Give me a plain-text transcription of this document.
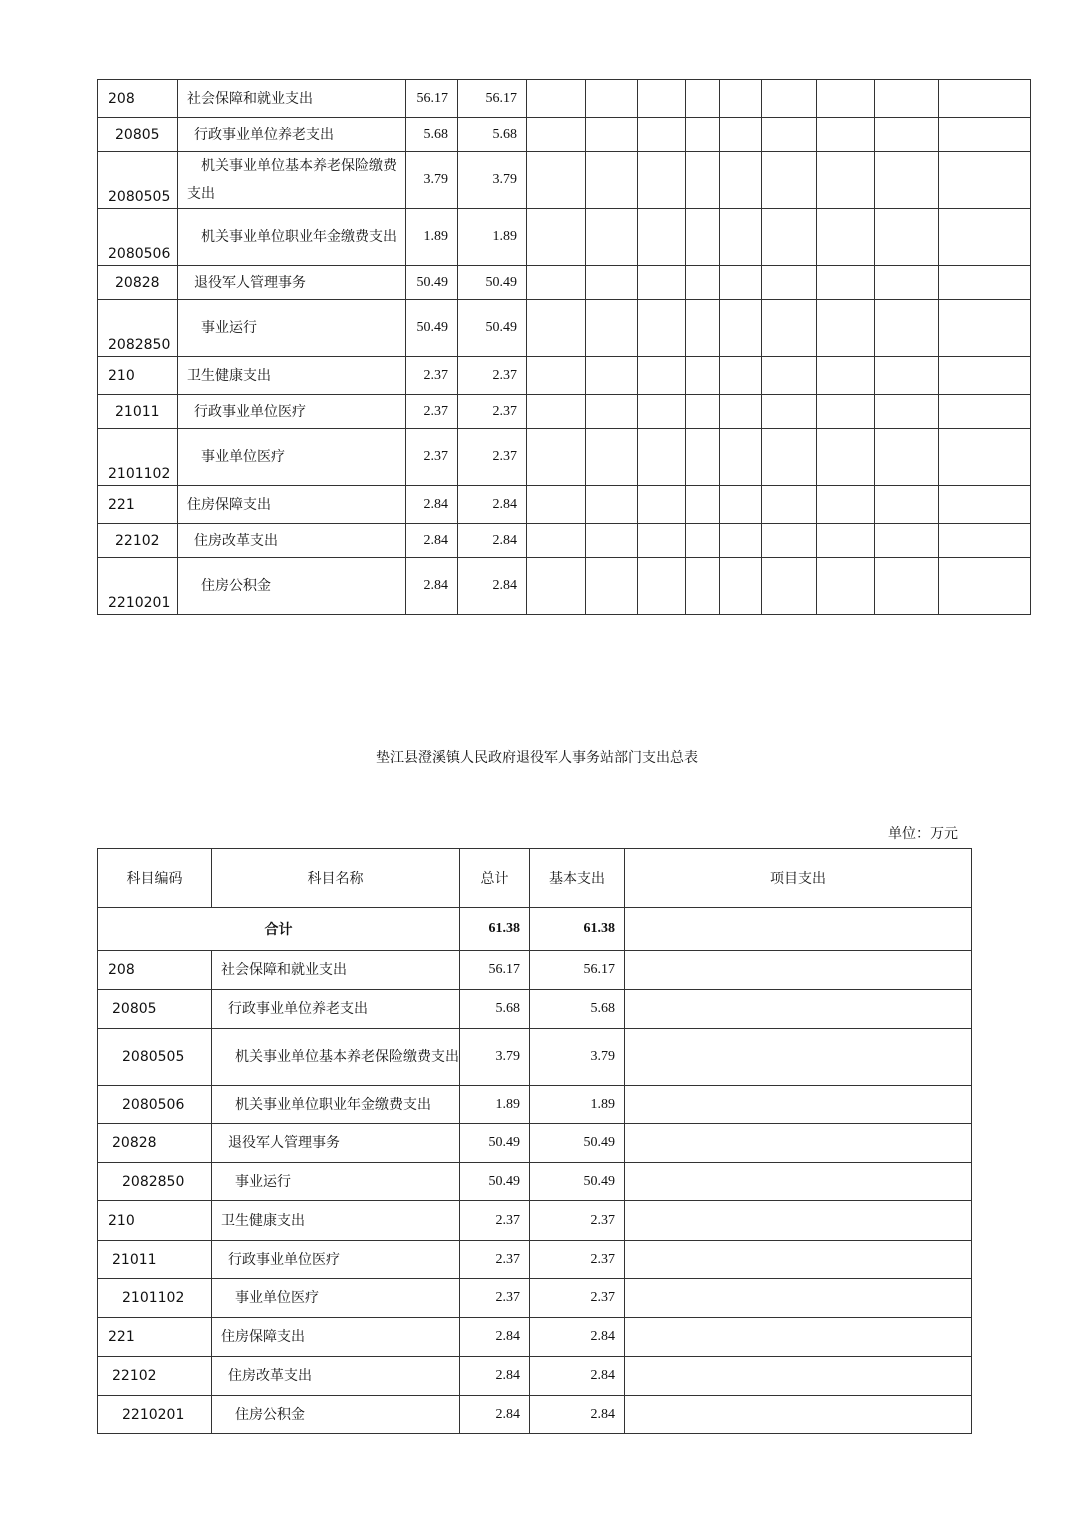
208	社会保障和就业支出	56.17	56.17									
20805	行政事业单位养老支出	5.68	5.68									
2080505	机关事业单位基本养老保险缴费支出	3.79	3.79									
2080506	机关事业单位职业年金缴费支出	1.89	1.89									
20828	退役军人管理事务	50.49	50.49									
2082850	事业运行	50.49	50.49									
210	卫生健康支出	2.37	2.37									
21011	行政事业单位医疗	2.37	2.37									
2101102	事业单位医疗	2.37	2.37									
221	住房保障支出	2.84	2.84									
22102	住房改革支出	2.84	2.84									
2210201	住房公积金	2.84	2.84									
垫江县澄溪镇人民政府退役军人事务站部门支出总表
单位：万元
科目编码	科目名称	总计	基本支出	项目支出
合计		61.38	61.38	
208	社会保障和就业支出	56.17	56.17	
20805	行政事业单位养老支出	5.68	5.68	
2080505	机关事业单位基本养老保险缴费支出	3.79	3.79	
2080506	机关事业单位职业年金缴费支出	1.89	1.89	
20828	退役军人管理事务	50.49	50.49	
2082850	事业运行	50.49	50.49	
210	卫生健康支出	2.37	2.37	
21011	行政事业单位医疗	2.37	2.37	
2101102	事业单位医疗	2.37	2.37	
221	住房保障支出	2.84	2.84	
22102	住房改革支出	2.84	2.84	
2210201	住房公积金	2.84	2.84	
